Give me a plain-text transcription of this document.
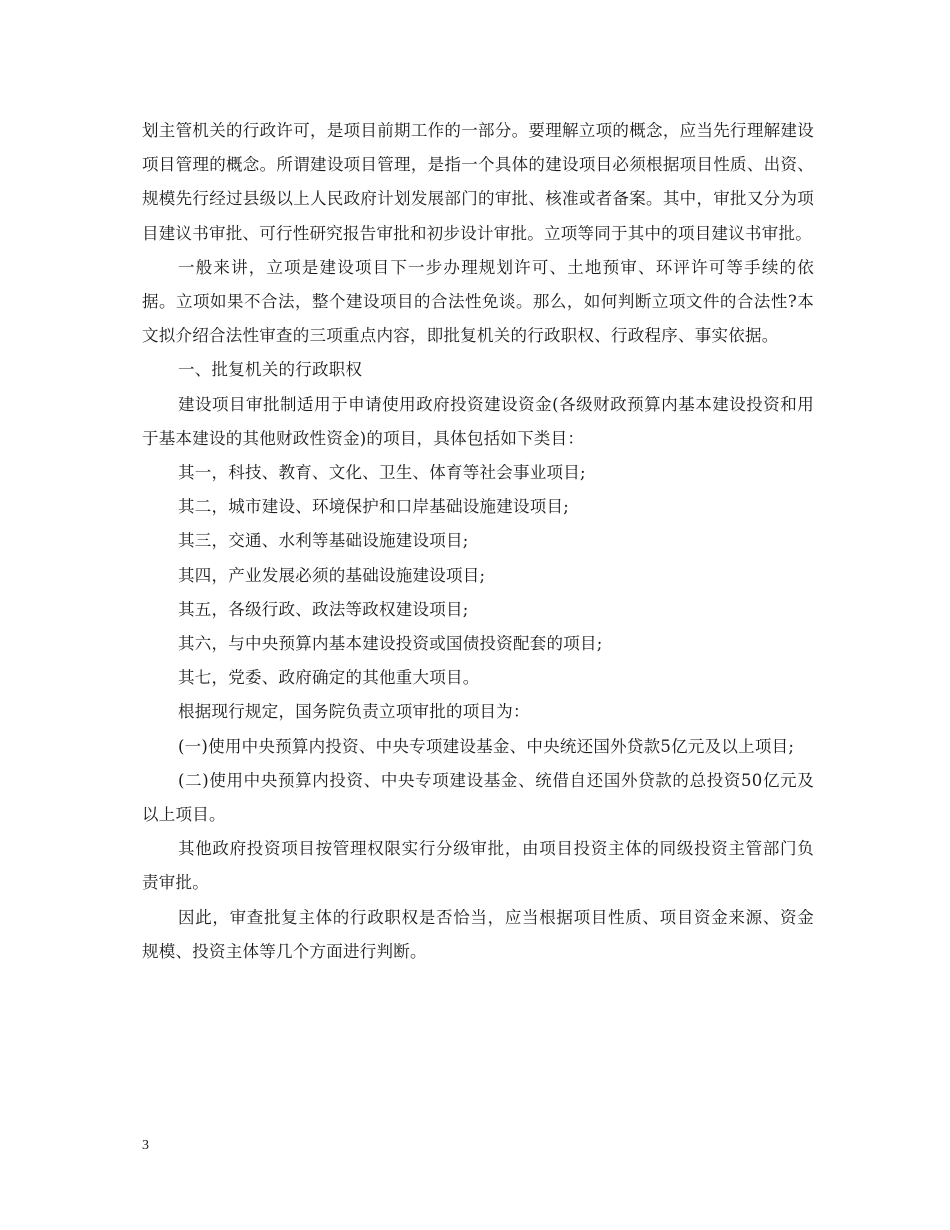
划主管机关的行政许可，是项目前期工作的一部分。要理解立项的概念，应当先行理解建设项目管理的概念。所谓建设项目管理，是指一个具体的建设项目必须根据项目性质、出资、规模先行经过县级以上人民政府计划发展部门的审批、核准或者备案。其中，审批又分为项目建议书审批、可行性研究报告审批和初步设计审批。立项等同于其中的项目建议书审批。

一般来讲，立项是建设项目下一步办理规划许可、土地预审、环评许可等手续的依据。立项如果不合法，整个建设项目的合法性免谈。那么，如何判断立项文件的合法性?本文拟介绍合法性审查的三项重点内容，即批复机关的行政职权、行政程序、事实依据。

一、批复机关的行政职权

建设项目审批制适用于申请使用政府投资建设资金(各级财政预算内基本建设投资和用于基本建设的其他财政性资金)的项目，具体包括如下类目：

其一，科技、教育、文化、卫生、体育等社会事业项目;

其二，城市建设、环境保护和口岸基础设施建设项目;

其三，交通、水利等基础设施建设项目;

其四，产业发展必须的基础设施建设项目;

其五，各级行政、政法等政权建设项目;

其六，与中央预算内基本建设投资或国债投资配套的项目;

其七，党委、政府确定的其他重大项目。

根据现行规定，国务院负责立项审批的项目为：

(一)使用中央预算内投资、中央专项建设基金、中央统还国外贷款5亿元及以上项目;

(二)使用中央预算内投资、中央专项建设基金、统借自还国外贷款的总投资50亿元及以上项目。

其他政府投资项目按管理权限实行分级审批，由项目投资主体的同级投资主管部门负责审批。

因此，审查批复主体的行政职权是否恰当，应当根据项目性质、项目资金来源、资金规模、投资主体等几个方面进行判断。

3
